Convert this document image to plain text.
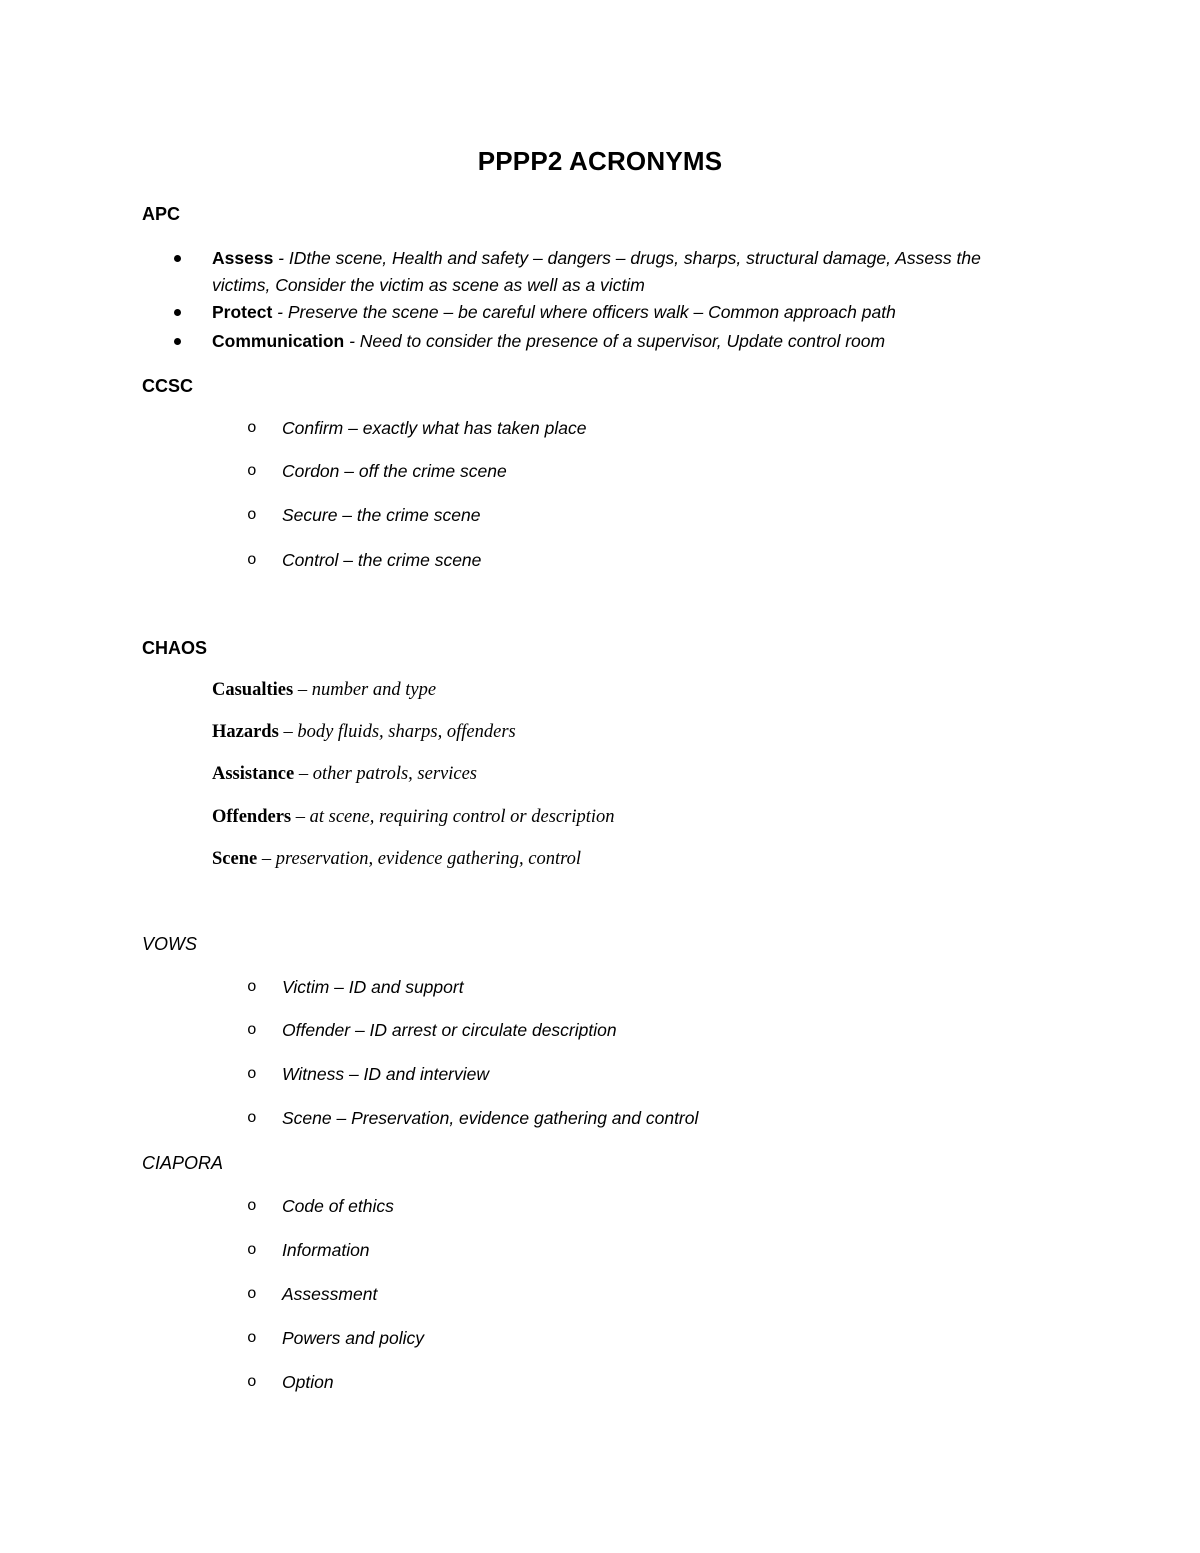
PPPP2 ACRONYMS
APC
Assess - IDthe scene, Health and safety – dangers – drugs, sharps, structural damage, Assess the victims, Consider the victim as scene as well as a victim
Protect - Preserve the scene – be careful where officers walk – Common approach path
Communication - Need to consider the presence of a supervisor, Update control room
CCSC
o Confirm – exactly what has taken place
o Cordon – off the crime scene
o Secure – the crime scene
o Control – the crime scene
CHAOS
Casualties – number and type
Hazards – body fluids, sharps, offenders
Assistance – other patrols, services
Offenders – at scene, requiring control or description
Scene – preservation, evidence gathering, control
VOWS
o Victim – ID and support
o Offender – ID arrest or circulate description
o Witness – ID and interview
o Scene – Preservation, evidence gathering and control
CIAPORA
o Code of ethics
o Information
o Assessment
o Powers and policy
o Option
